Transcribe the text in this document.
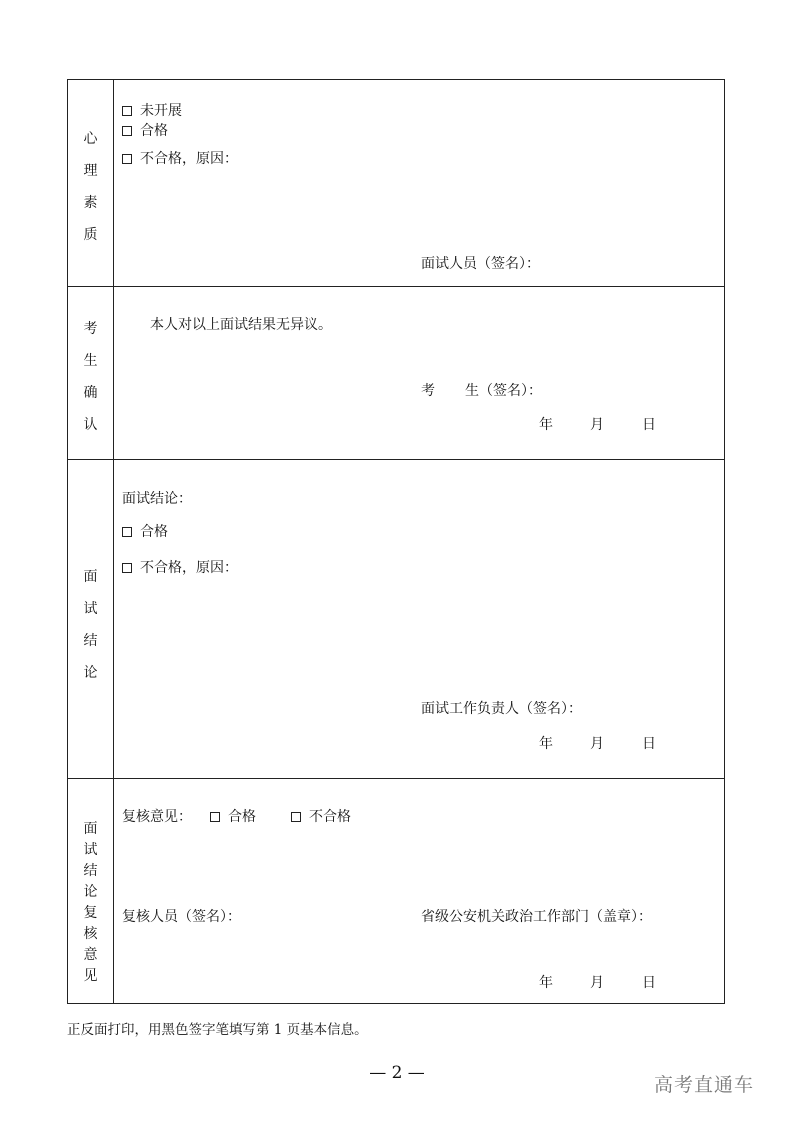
心
理
素
质
未开展
合格
不合格，原因：
面试人员（签名）：
考
生
确
认
本人对以上面试结果无异议。
考 生（签名）：
年	月	日
面
试
结
论
面试结论：
合格
不合格，原因：
面试工作负责人（签名）：
年	月	日
面
试
结
论
复
核
意
见
复核意见：	合格	不合格
复核人员（签名）：	省级公安机关政治工作部门（盖章）：
年	月	日
正反面打印，用黑色签字笔填写第 1 页基本信息。
— 2 —
高考直通车
